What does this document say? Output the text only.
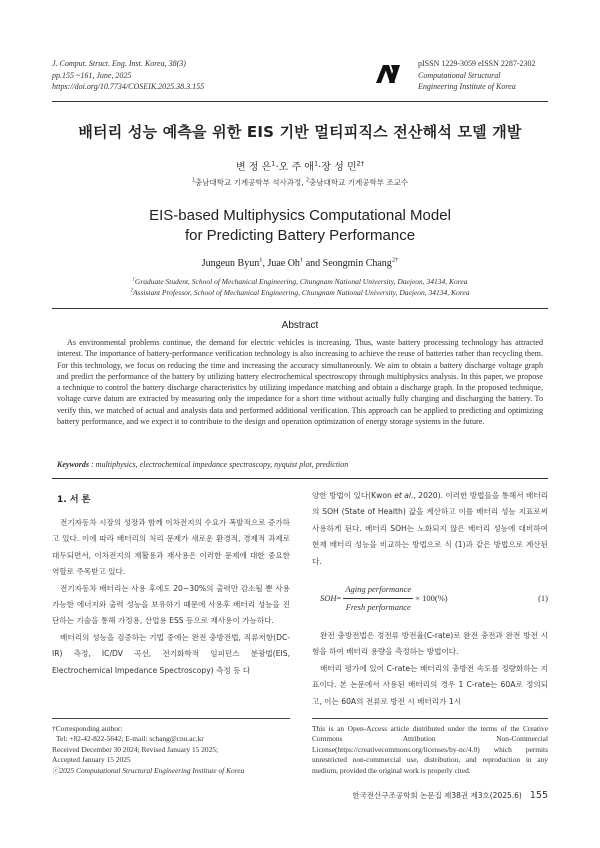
J. Comput. Struct. Eng. Inst. Korea, 38(3)
pp.155 ~161, June, 2025
https://doi.org/10.7734/COSEIK.2025.38.3.155
pISSN 1229-3059 eISSN 2287-2302
Computational Structural
Engineering Institute of Korea
배터리 성능 예측을 위한 EIS 기반 멀티피직스 전산해석 모델 개발
변 정 은$^1$·오 주 애$^1$·장 성 민$^{2\dagger}$
$^1$충남대학교 기계공학부 석사과정, $^2$충남대학교 기계공학부 조교수
EIS-based Multiphysics Computational Model
for Predicting Battery Performance
Jungeun Byun$^1$, Juae Oh$^1$ and Seongmin Chang$^{2\dagger}$
$^1$Graduate Student, School of Mechanical Engineering, Chungnam National University, Daejeon, 34134, Korea
$^2$Assistant Professor, School of Mechanical Engineering, Chungnam National University, Daejeon, 34134, Korea
Abstract
As environmental problems continue, the demand for electric vehicles is increasing. Thus, waste battery processing technology has attracted interest. The importance of battery-performance verification technology is also increasing to achieve the reuse of batteries rather than recycling them. For this technology, we focus on reducing the time and increasing the accuracy simultaneously. We aim to obtain a battery discharge voltage graph and predict the performance of the battery by utilizing battery electrochemical spectroscopy through multiphysics analysis. In this paper, we propose a technique to control the battery discharge characteristics by utilizing impedance matching and obtain a discharge graph. In the proposed technique, voltage curve datum are extracted by measuring only the impedance for a short time without actually fully charging and discharging the battery. To verify this, we matched of actual and analysis data and performed additional verification. This approach can be applied to predicting and optimizing battery performance, and we expect it to contribute to the design and operation optimization of energy storage systems in the future.
Keywords : multiphysics, electrochemical impedance spectroscopy, nyquist plot, prediction
1. 서 론

전기자동차 시장의 성장과 함께 이차전지의 수요가 폭발적으로 증가하고 있다. 이에 따라 배터리의 처리 문제가 새로운 환경적, 경제적 과제로 대두되면서, 이차전지의 재활용과 재사용은 이러한 문제에 대한 중요한 역할로 주목받고 있다.

전기자동차 배터리는 사용 후에도 20~30%의 출력만 감소될 뿐 사용 가능한 에너지와 출력 성능을 보유하기 때문에 사용후 배터리 성능을 진단하는 기술을 통해 가정용, 산업용 ESS 등으로 재사용이 가능하다.

배터리의 성능을 검증하는 기법 중에는 완전 충방전법, 직류저항(DC-IR) 측정, IC/DV 곡선, 전기화학적 임피던스 분광법(EIS, Electrochemical Impedance Spectroscopy) 측정 등 다

양한 방법이 있다(Kwon et al., 2020). 이러한 방법들을 통해서 배터리의 SOH (State of Health) 값을 계산하고 이를 배터리 성능 지표로써 사용하게 된다. 배터리 SOH는 노화되지 않은 배터리 성능에 대비하여 현재 배터리 성능을 비교하는 방법으로 식 (1)과 같은 방법으로 계산된다.

SOH = $\frac{\text{Aging performance}}{\text{Fresh performance}} \times 100(\%)$	(1)

완전 충방전법은 정전류 방전율(C-rate)로 완전 충전과 완전 방전 시험을 하여 배터리 용량을 측정하는 방법이다.

배터리 평가에 있어 C-rate는 배터리의 충방전 속도를 정량화하는 지표이다. 본 논문에서 사용된 배터리의 경우 1 C-rate는 60A로 정의되고, 이는 60A의 전류로 방전 시 배터리가 1시

†Corresponding author:
Tel: +82-42-822-5642; E-mail: schang@cnu.ac.kr
Received December 30 2024; Revised January 15 2025;
Accepted January 15 2025
ⓒ2025 Computational Structural Engineering Institute of Korea
This is an Open-Access article distributed under the terms of the Creative Commons Attribution Non-Commercial License(https://creativecommons.org/licenses/by-nc/4.0) which permits unrestricted non-commercial use, distribution, and reproduction in any medium, provided the original work is properly cited.
한국전산구조공학회 논문집 제38권 제3호(2025.6) 155
